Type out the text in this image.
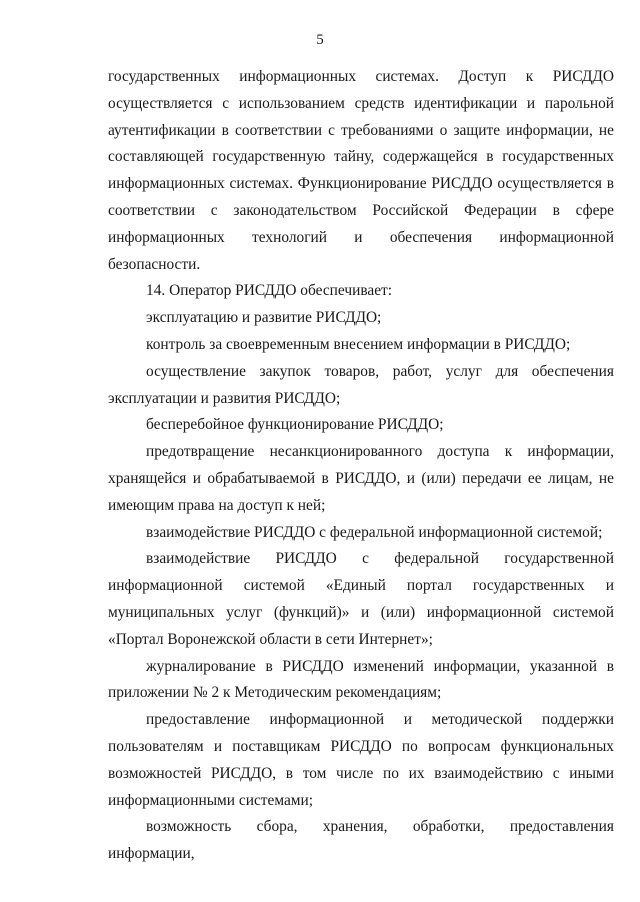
5

государственных информационных системах. Доступ к РИСДДО осуществляется с использованием средств идентификации и парольной аутентификации в соответствии с требованиями о защите информации, не составляющей государственную тайну, содержащейся в государственных информационных системах. Функционирование РИСДДО осуществляется в соответствии с законодательством Российской Федерации в сфере информационных технологий и обеспечения информационной безопасности.

14. Оператор РИСДДО обеспечивает:

эксплуатацию и развитие РИСДДО;

контроль за своевременным внесением информации в РИСДДО;

осуществление закупок товаров, работ, услуг для обеспечения эксплуатации и развития РИСДДО;

бесперебойное функционирование РИСДДО;

предотвращение несанкционированного доступа к информации, хранящейся и обрабатываемой в РИСДДО, и (или) передачи ее лицам, не имеющим права на доступ к ней;

взаимодействие РИСДДО с федеральной информационной системой;

взаимодействие РИСДДО с федеральной государственной информационной системой «Единый портал государственных и муниципальных услуг (функций)» и (или) информационной системой «Портал Воронежской области в сети Интернет»;

журналирование в РИСДДО изменений информации, указанной в приложении № 2 к Методическим рекомендациям;

предоставление информационной и методической поддержки пользователям и поставщикам РИСДДО по вопросам функциональных возможностей РИСДДО, в том числе по их взаимодействию с иными информационными системами;

возможность сбора, хранения, обработки, предоставления информации,
